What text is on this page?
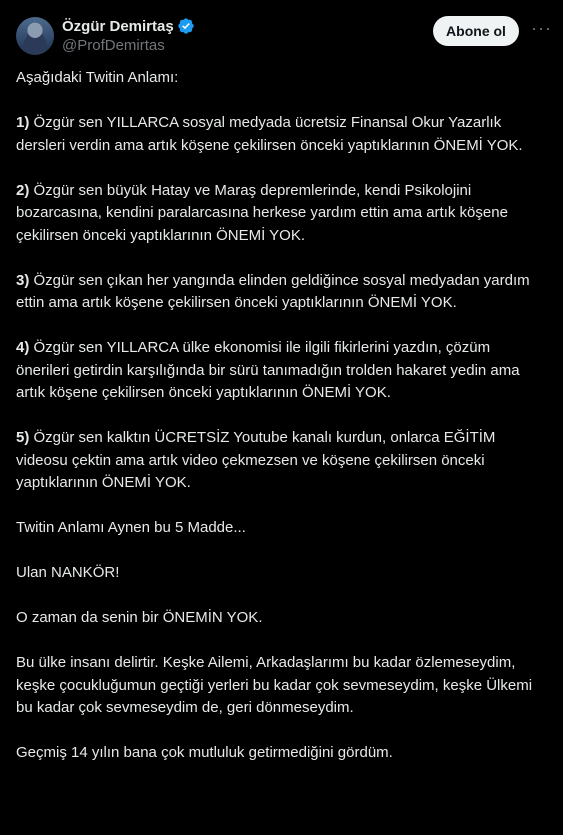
Özgür Demirtaş
@ProfDemirtas
Abone ol	···

Aşağıdaki Twitin Anlamı:

1) Özgür sen YILLARCA sosyal medyada ücretsiz Finansal Okur Yazarlık dersleri verdin ama artık köşene çekilirsen önceki yaptıklarının ÖNEMİ YOK.

2) Özgür sen büyük Hatay ve Maraş depremlerinde, kendi Psikolojini bozarcasına, kendini paralarcasına herkese yardım ettin ama artık köşene çekilirsen önceki yaptıklarının ÖNEMİ YOK.

3) Özgür sen çıkan her yangında elinden geldiğince sosyal medyadan yardım ettin ama artık köşene çekilirsen önceki yaptıklarının ÖNEMİ YOK.

4) Özgür sen YILLARCA ülke ekonomisi ile ilgili fikirlerini yazdın, çözüm önerileri getirdin karşılığında bir sürü tanımadığın trolden hakaret yedin ama artık köşene çekilirsen önceki yaptıklarının ÖNEMİ YOK.

5) Özgür sen kalktın ÜCRETSİZ Youtube kanalı kurdun, onlarca EĞİTİM videosu çektin ama artık video çekmezsen ve köşene çekilirsen önceki yaptıklarının ÖNEMİ YOK.

Twitin Anlamı Aynen bu 5 Madde...

Ulan NANKÖR!

O zaman da senin bir ÖNEMİN YOK.

Bu ülke insanı delirtir. Keşke Ailemi, Arkadaşlarımı bu kadar özlemeseydim, keşke çocukluğumun geçtiği yerleri bu kadar çok sevmeseydim, keşke Ülkemi bu kadar çok sevmeseydim de, geri dönmeseydim.

Geçmiş 14 yılın bana çok mutluluk getirmediğini gördüm.
